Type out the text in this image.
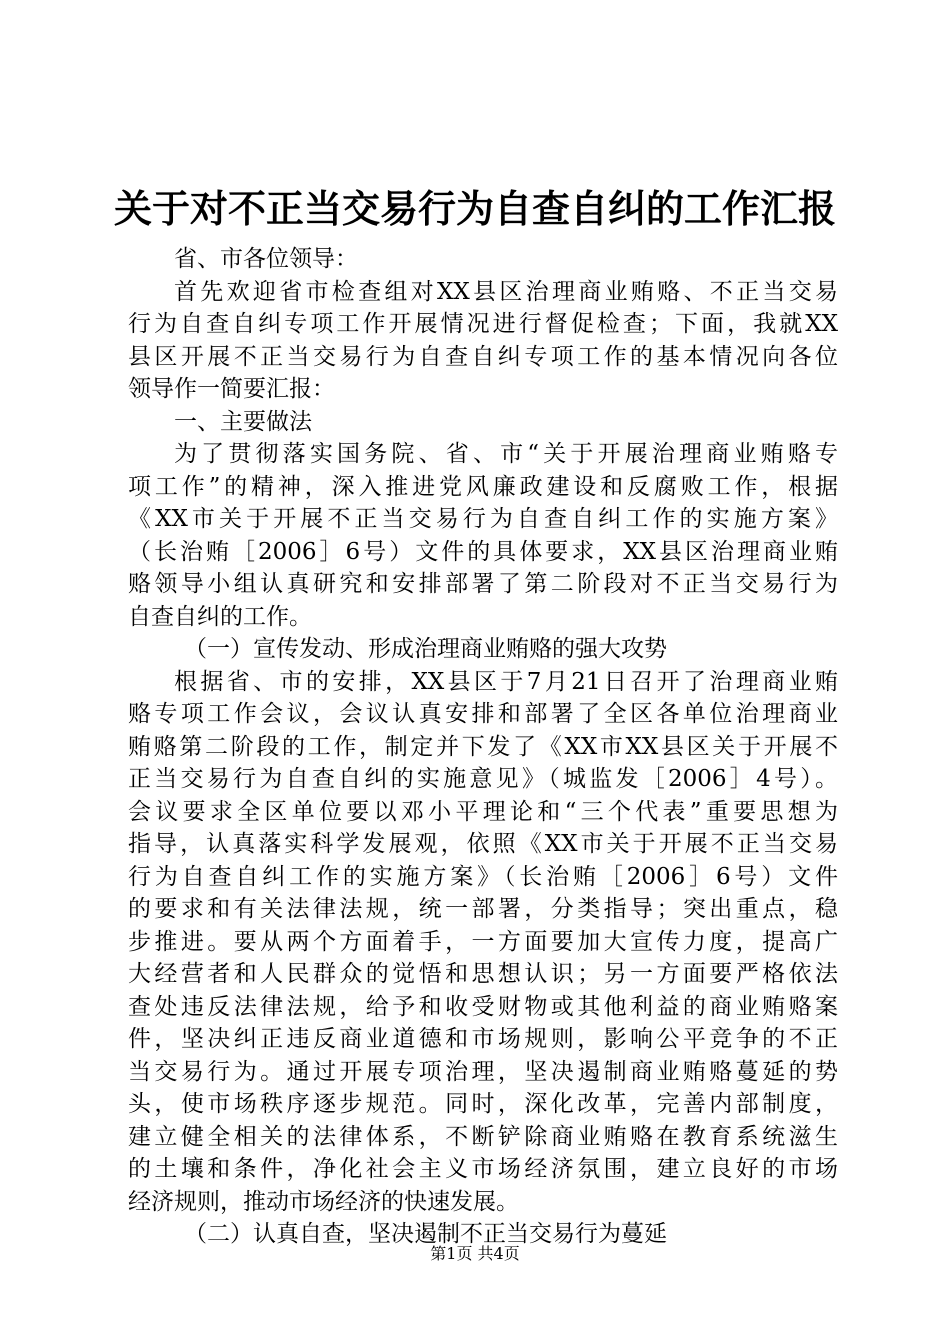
关于对不正当交易行为自查自纠的工作汇报
省、市各位领导：
首先欢迎省市检查组对XX县区治理商业贿赂、不正当交易
行为自查自纠专项工作开展情况进行督促检查；下面，我就XX
县区开展不正当交易行为自查自纠专项工作的基本情况向各位
领导作一简要汇报：
一、主要做法
为了贯彻落实国务院、省、市“关于开展治理商业贿赂专
项工作”的精神，深入推进党风廉政建设和反腐败工作，根据
《XX市关于开展不正当交易行为自查自纠工作的实施方案》
（长治贿［2006］6号）文件的具体要求，XX县区治理商业贿
赂领导小组认真研究和安排部署了第二阶段对不正当交易行为
自查自纠的工作。
（一）宣传发动、形成治理商业贿赂的强大攻势
根据省、市的安排，XX县区于7月21日召开了治理商业贿
赂专项工作会议，会议认真安排和部署了全区各单位治理商业
贿赂第二阶段的工作，制定并下发了《XX市XX县区关于开展不
正当交易行为自查自纠的实施意见》（城监发［2006］4号）。
会议要求全区单位要以邓小平理论和“三个代表”重要思想为
指导，认真落实科学发展观，依照《XX市关于开展不正当交易
行为自查自纠工作的实施方案》（长治贿［2006］6号）文件
的要求和有关法律法规，统一部署，分类指导；突出重点，稳
步推进。要从两个方面着手，一方面要加大宣传力度，提高广
大经营者和人民群众的觉悟和思想认识；另一方面要严格依法
查处违反法律法规，给予和收受财物或其他利益的商业贿赂案
件，坚决纠正违反商业道德和市场规则，影响公平竞争的不正
当交易行为。通过开展专项治理，坚决遏制商业贿赂蔓延的势
头，使市场秩序逐步规范。同时，深化改革，完善内部制度，
建立健全相关的法律体系，不断铲除商业贿赂在教育系统滋生
的土壤和条件，净化社会主义市场经济氛围，建立良好的市场
经济规则，推动市场经济的快速发展。
（二）认真自查，坚决遏制不正当交易行为蔓延
第1页 共4页
